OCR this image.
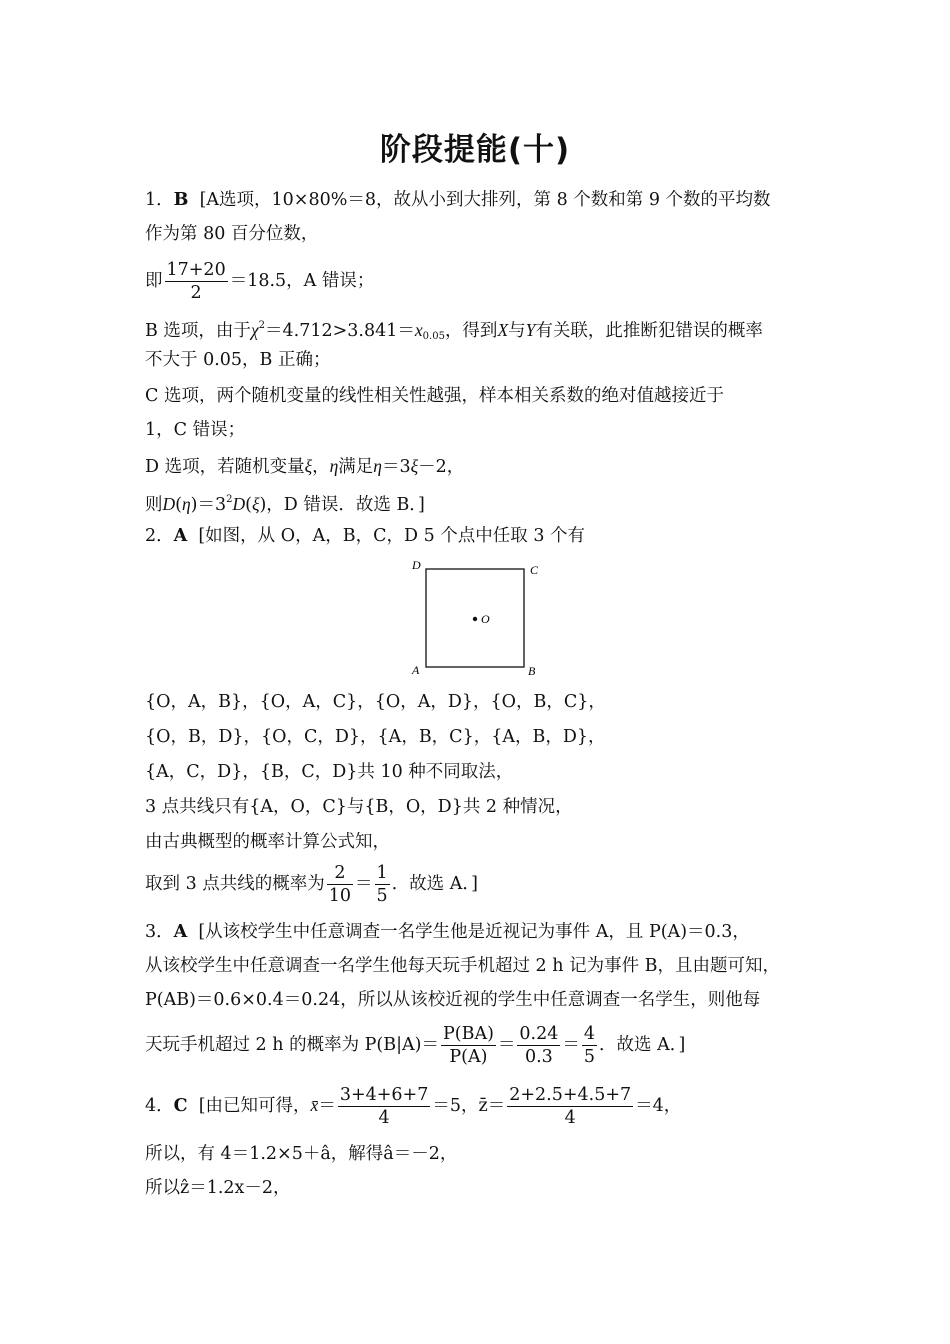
阶段提能(十)
1．B [A选项，10×80%＝8，故从小到大排列，第 8 个数和第 9 个数的平均数
作为第 80 百分位数，
即 $\frac{17+20}{2} =18.5$，A 错误；
B 选项，由于$\chi^2=4.712>3.841=x_{0.05}$，得到X与Y有关联，此推断犯错误的概率
不大于 0.05，B 正确；
C 选项，两个随机变量的线性相关性越强，样本相关系数的绝对值越接近于
1，C 错误；
D 选项，若随机变量ξ，η满足η＝3ξ－2，
则$D(\eta)=3^2D(\xi)$，D 错误．故选 B．]
2．A [如图，从 O，A，B，C，D 5 个点中任取 3 个有
D	C
O
A	B
{O，A，B}，{O，A，C}，{O，A，D}，{O，B，C}，
{O，B，D}，{O，C，D}，{A，B，C}，{A，B，D}，
{A，C，D}，{B，C，D}共 10 种不同取法，
3 点共线只有{A，O，C}与{B，O，D}共 2 种情况，
由古典概型的概率计算公式知，
取到 3 点共线的概率为 $\frac{2}{10} = \frac{1}{5}$ ．故选 A．]
3．A [从该校学生中任意调查一名学生他是近视记为事件 A，且 P(A)＝0.3，
从该校学生中任意调查一名学生他每天玩手机超过 2 h 记为事件 B，且由题可知，
P(AB)＝0.6×0.4＝0.24，所以从该校近视的学生中任意调查一名学生，则他每
天玩手机超过 2 h 的概率为 $P(B|A)= \frac{P(BA)}{P(A)} = \frac{0.24}{0.3} = \frac{4}{5}$ ．故选 A．]
4．C [由已知可得，x̄＝ $\frac{3+4+6+7}{4} =5$，z̄＝ $\frac{2+2.5+4.5+7}{4} =4$，
所以，有 4＝1.2×5＋â，解得â＝－2，
所以ẑ＝1.2x－2，
